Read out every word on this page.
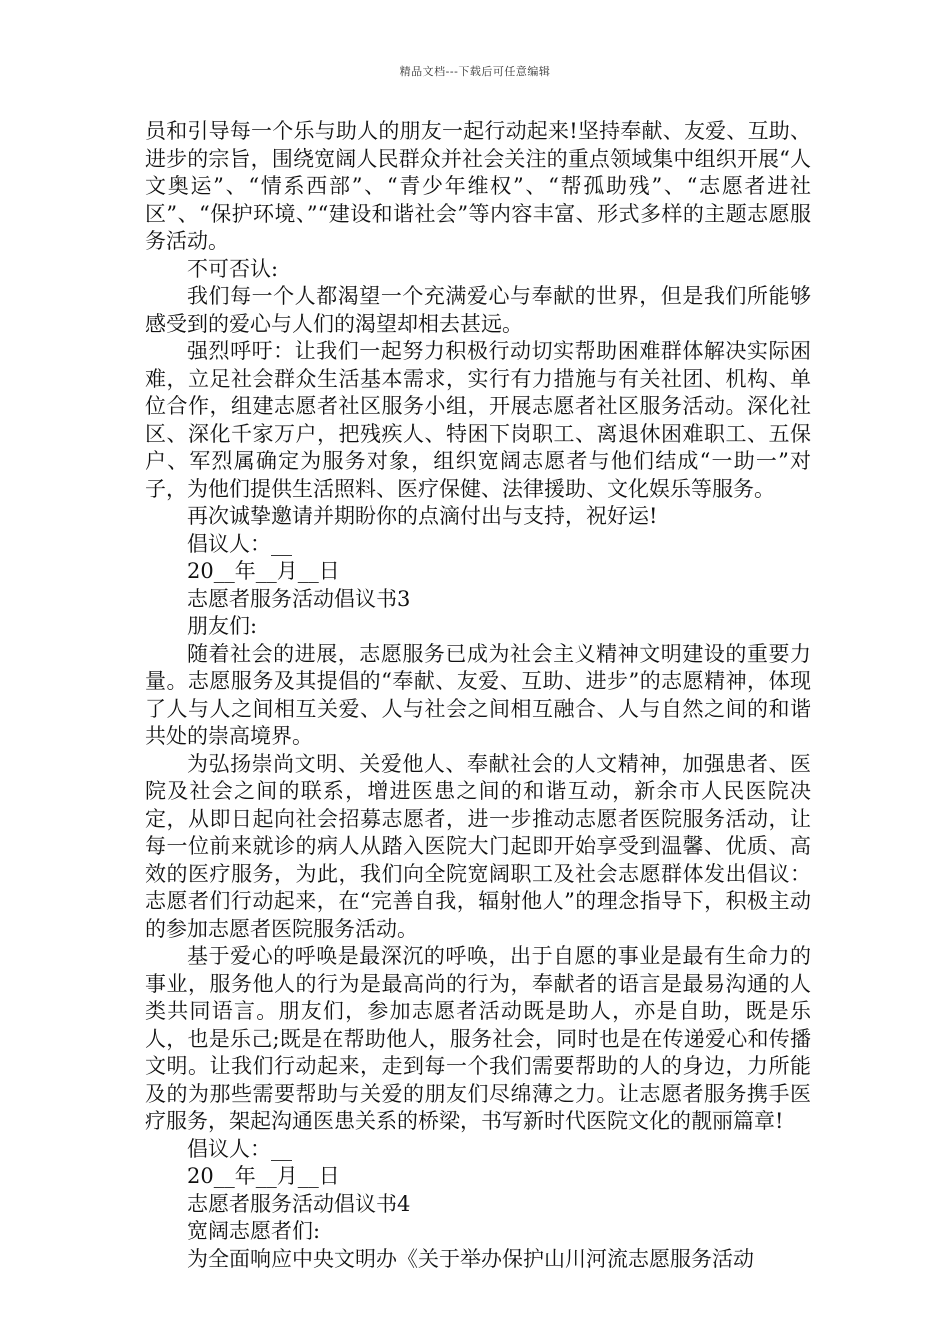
精品文档---下载后可任意编辑

员和引导每一个乐与助人的朋友一起行动起来!坚持奉献、友爱、互助、进步的宗旨，围绕宽阔人民群众并社会关注的重点领域集中组织开展“人文奥运”、“情系西部”、“青少年维权”、“帮孤助残”、“志愿者进社区”、“保护环境、”“建设和谐社会”等内容丰富、形式多样的主题志愿服务活动。

不可否认:

我们每一个人都渴望一个充满爱心与奉献的世界，但是我们所能够感受到的爱心与人们的渴望却相去甚远。

强烈呼吁：让我们一起努力积极行动切实帮助困难群体解决实际困难，立足社会群众生活基本需求，实行有力措施与有关社团、机构、单位合作，组建志愿者社区服务小组，开展志愿者社区服务活动。深化社区、深化千家万户，把残疾人、特困下岗职工、离退休困难职工、五保户、军烈属确定为服务对象，组织宽阔志愿者与他们结成“一助一”对子，为他们提供生活照料、医疗保健、法律援助、文化娱乐等服务。

再次诚挚邀请并期盼你的点滴付出与支持，祝好运!

倡议人：__

20__年__月__日

志愿者服务活动倡议书3

朋友们:

随着社会的进展，志愿服务已成为社会主义精神文明建设的重要力量。志愿服务及其提倡的“奉献、友爱、互助、进步”的志愿精神，体现了人与人之间相互关爱、人与社会之间相互融合、人与自然之间的和谐共处的崇高境界。

为弘扬崇尚文明、关爱他人、奉献社会的人文精神，加强患者、医院及社会之间的联系，增进医患之间的和谐互动，新余市人民医院决定，从即日起向社会招募志愿者，进一步推动志愿者医院服务活动，让每一位前来就诊的病人从踏入医院大门起即开始享受到温馨、优质、高效的医疗服务，为此，我们向全院宽阔职工及社会志愿群体发出倡议：志愿者们行动起来，在“完善自我，辐射他人”的理念指导下，积极主动的参加志愿者医院服务活动。

基于爱心的呼唤是最深沉的呼唤，出于自愿的事业是最有生命力的事业，服务他人的行为是最高尚的行为，奉献者的语言是最易沟通的人类共同语言。朋友们，参加志愿者活动既是助人，亦是自助，既是乐人，也是乐己;既是在帮助他人，服务社会，同时也是在传递爱心和传播文明。让我们行动起来，走到每一个我们需要帮助的人的身边，力所能及的为那些需要帮助与关爱的朋友们尽绵薄之力。让志愿者服务携手医疗服务，架起沟通医患关系的桥梁，书写新时代医院文化的靓丽篇章!

倡议人：__

20__年__月__日

志愿者服务活动倡议书4

宽阔志愿者们:

为全面响应中央文明办《关于举办保护山川河流志愿服务活动
